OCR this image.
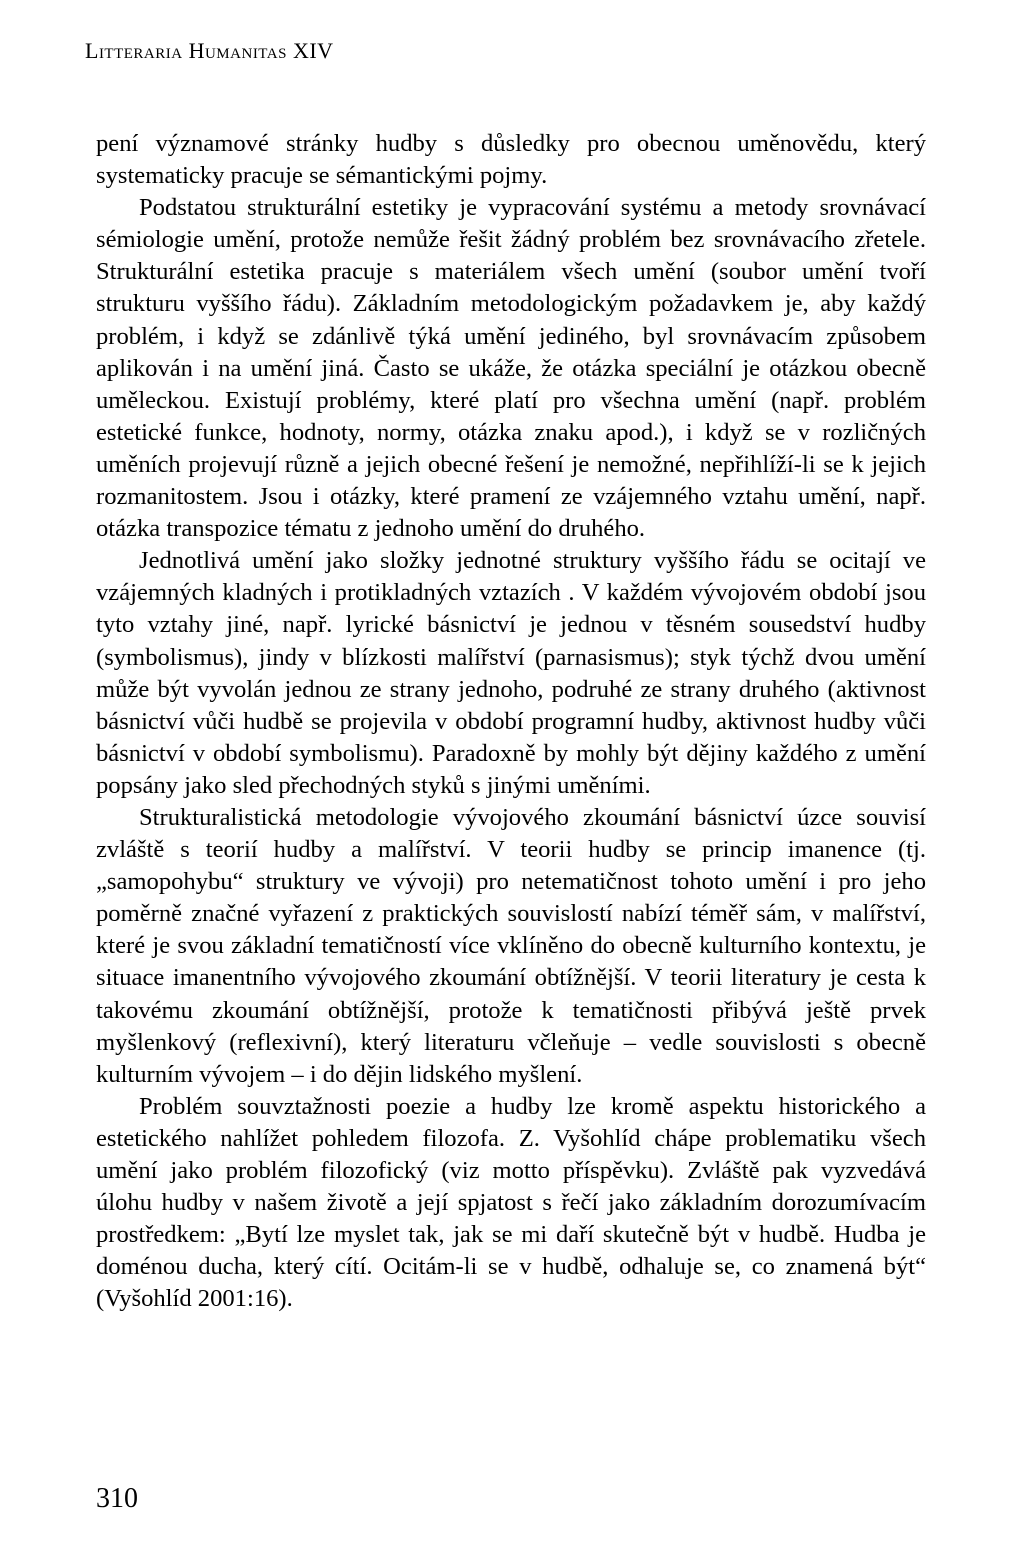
Litteraria Humanitas XIV

pení významové stránky hudby s důsledky pro obecnou uměnovědu, který systematicky pracuje se sémantickými pojmy.

Podstatou strukturální estetiky je vypracování systému a metody srovnávací sémiologie umění, protože nemůže řešit žádný problém bez srovnávacího zřetele. Strukturální estetika pracuje s materiálem všech umění (soubor umění tvoří strukturu vyššího řádu). Základním metodologickým požadavkem je, aby každý problém, i když se zdánlivě týká umění jediného, byl srovnávacím způsobem aplikován i na umění jiná. Často se ukáže, že otázka speciální je otázkou obecně uměleckou. Existují problémy, které platí pro všechna umění (např. problém estetické funkce, hodnoty, normy, otázka znaku apod.), i když se v rozličných uměních projevují různě a jejich obecné řešení je nemožné, nepřihlíží-li se k jejich rozmanitostem. Jsou i otázky, které pramení ze vzájemného vztahu umění, např. otázka transpozice tématu z jednoho umění do druhého.

Jednotlivá umění jako složky jednotné struktury vyššího řádu se ocitají ve vzájemných kladných i protikladných vztazích . V každém vývojovém období jsou tyto vztahy jiné, např. lyrické básnictví je jednou v těsném sousedství hudby (symbolismus), jindy v blízkosti malířství (parnasismus); styk týchž dvou umění může být vyvolán jednou ze strany jednoho, podruhé ze strany druhého (aktivnost básnictví vůči hudbě se projevila v období programní hudby, aktivnost hudby vůči básnictví v období symbolismu). Paradoxně by mohly být dějiny každého z umění popsány jako sled přechodných styků s jinými uměními.

Strukturalistická metodologie vývojového zkoumání básnictví úzce souvisí zvláště s teorií hudby a malířství. V teorii hudby se princip imanence (tj. „samopohybu“ struktury ve vývoji) pro netematičnost tohoto umění i pro jeho poměrně značné vyřazení z praktických souvislostí nabízí téměř sám, v malířství, které je svou základní tematičností více vklíněno do obecně kulturního kontextu, je situace imanentního vývojového zkoumání obtížnější. V teorii literatury je cesta k takovému zkoumání obtížnější, protože k tematičnosti přibývá ještě prvek myšlenkový (reflexivní), který literaturu včleňuje – vedle souvislosti s obecně kulturním vývojem – i do dějin lidského myšlení.

Problém souvztažnosti poezie a hudby lze kromě aspektu historického a estetického nahlížet pohledem filozofa. Z. Vyšohlíd chápe problematiku všech umění jako problém filozofický (viz motto příspěvku). Zvláště pak vyzvedává úlohu hudby v našem životě a její spjatost s řečí jako základním dorozumívacím prostředkem: „Bytí lze myslet tak, jak se mi daří skutečně být v hudbě. Hudba je doménou ducha, který cítí. Ocitám-li se v hudbě, odhaluje se, co znamená být“ (Vyšohlíd 2001:16).

310
